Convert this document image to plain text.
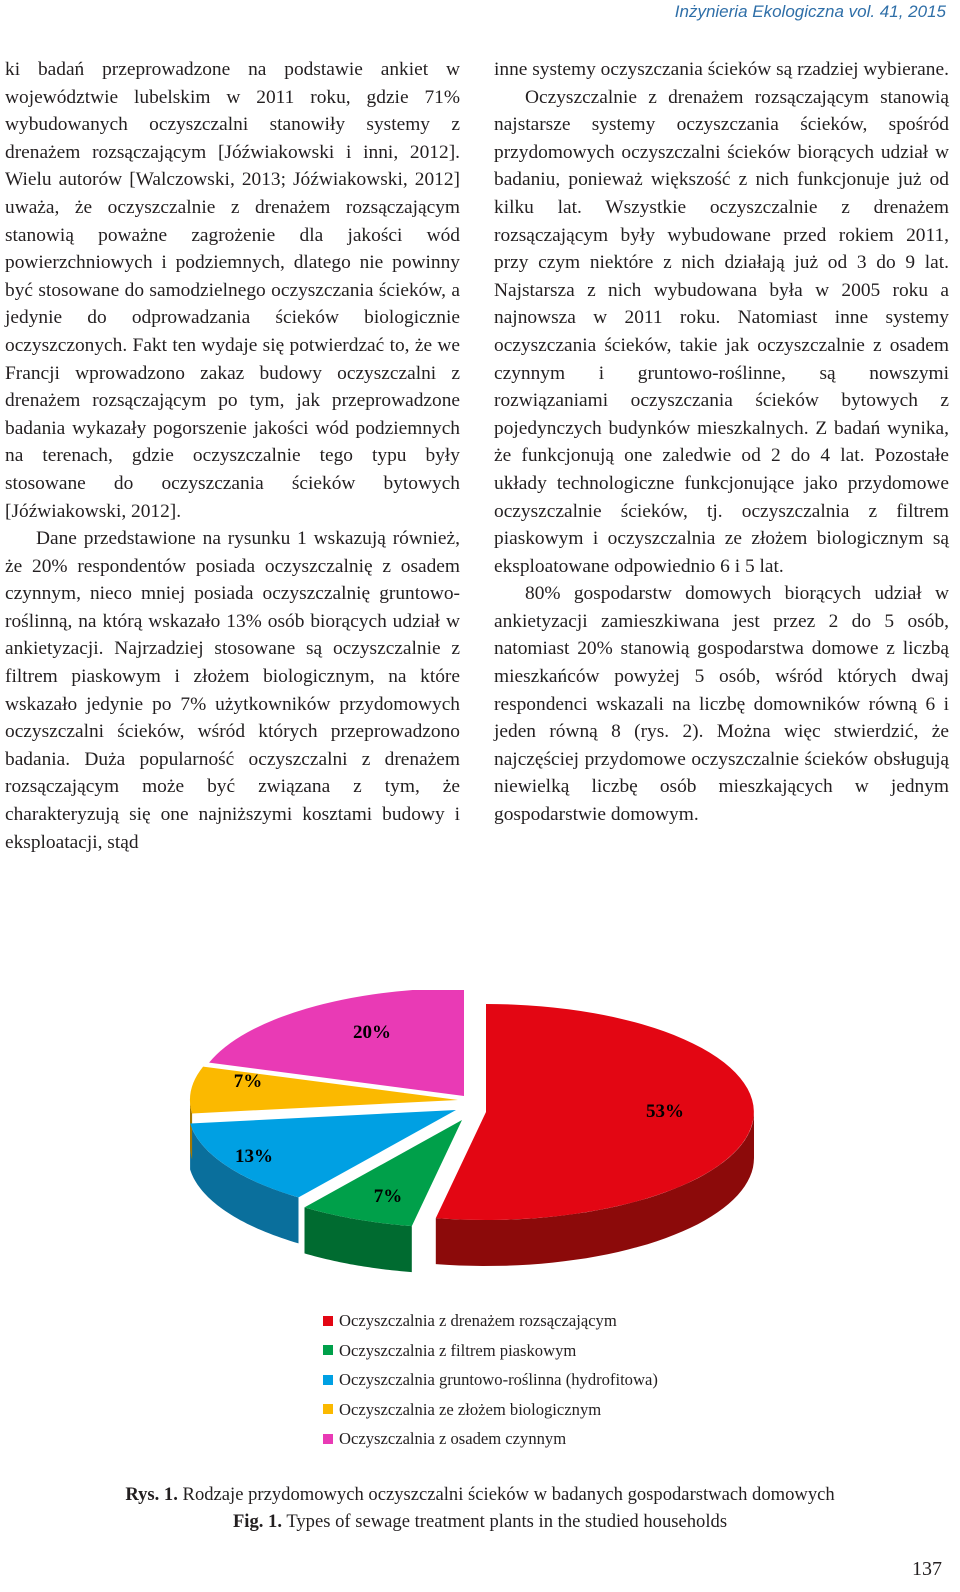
Inżynieria Ekologiczna vol. 41, 2015

ki badań przeprowadzone na podstawie ankiet w województwie lubelskim w 2011 roku, gdzie 71% wybudowanych oczyszczalni stanowiły systemy z drenażem rozsączającym [Jóźwiakowski i inni, 2012]. Wielu autorów [Walczowski, 2013; Jóźwiakowski, 2012] uważa, że oczyszczalnie z drenażem rozsączającym stanowią poważne zagrożenie dla jakości wód powierzchniowych i podziemnych, dlatego nie powinny być stosowane do samodzielnego oczyszczania ścieków, a jedynie do odprowadzania ścieków biologicznie oczyszczonych. Fakt ten wydaje się potwierdzać to, że we Francji wprowadzono zakaz budowy oczyszczalni z drenażem rozsączającym po tym, jak przeprowadzone badania wykazały pogorszenie jakości wód podziemnych na terenach, gdzie oczyszczalnie tego typu były stosowane do oczyszczania ścieków bytowych [Jóźwiakowski, 2012].

Dane przedstawione na rysunku 1 wskazują również, że 20% respondentów posiada oczyszczalnię z osadem czynnym, nieco mniej posiada oczyszczalnię gruntowo-roślinną, na którą wskazało 13% osób biorących udział w ankietyzacji. Najrzadziej stosowane są oczyszczalnie z filtrem piaskowym i złożem biologicznym, na które wskazało jedynie po 7% użytkowników przydomowych oczyszczalni ścieków, wśród których przeprowadzono badania. Duża popularność oczyszczalni z drenażem rozsączającym może być związana z tym, że charakteryzują się one najniższymi kosztami budowy i eksploatacji, stąd

inne systemy oczyszczania ścieków są rzadziej wybierane.

Oczyszczalnie z drenażem rozsączającym stanowią najstarsze systemy oczyszczania ścieków, spośród przydomowych oczyszczalni ścieków biorących udział w badaniu, ponieważ większość z nich funkcjonuje już od kilku lat. Wszystkie oczyszczalnie z drenażem rozsączającym były wybudowane przed rokiem 2011, przy czym niektóre z nich działają już od 3 do 9 lat. Najstarsza z nich wybudowana była w 2005 roku a najnowsza w 2011 roku. Natomiast inne systemy oczyszczania ścieków, takie jak oczyszczalnie z osadem czynnym i gruntowo-roślinne, są nowszymi rozwiązaniami oczyszczania ścieków bytowych z pojedynczych budynków mieszkalnych. Z badań wynika, że funkcjonują one zaledwie od 2 do 4 lat. Pozostałe układy technologiczne funkcjonujące jako przydomowe oczyszczalnie ścieków, tj. oczyszczalnia z filtrem piaskowym i oczyszczalnia ze złożem biologicznym są eksploatowane odpowiednio 6 i 5 lat.

80% gospodarstw domowych biorących udział w ankietyzacji zamieszkiwana jest przez 2 do 5 osób, natomiast 20% stanowią gospodarstwa domowe z liczbą mieszkańców powyżej 5 osób, wśród których dwaj respondenci wskazali na liczbę domowników równą 6 i jeden równą 8 (rys. 2). Można więc stwierdzić, że najczęściej przydomowe oczyszczalnie ścieków obsługują niewielką liczbę osób mieszkających w jednym gospodarstwie domowym.

53%
7%
13%
7%
20%
Oczyszczalnia z drenażem rozsączającym
Oczyszczalnia z filtrem piaskowym
Oczyszczalnia gruntowo-roślinna (hydrofitowa)
Oczyszczalnia ze złożem biologicznym
Oczyszczalnia z osadem czynnym
Rys. 1. Rodzaje przydomowych oczyszczalni ścieków w badanych gospodarstwach domowych
Fig. 1. Types of sewage treatment plants in the studied households
137
